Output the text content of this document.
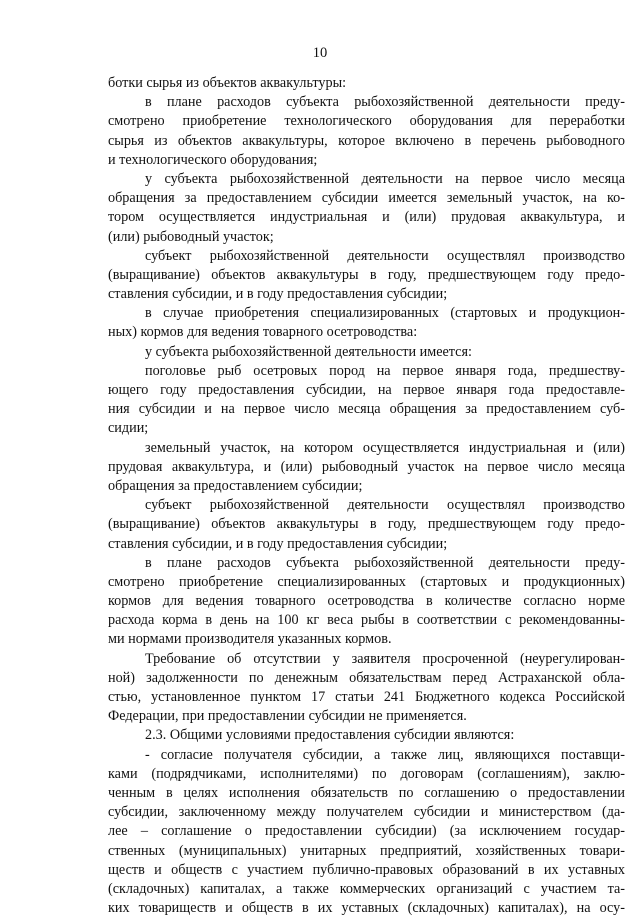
10
ботки сырья из объектов аквакультуры:
в плане расходов субъекта рыбохозяйственной деятельности преду-
смотрено приобретение технологического оборудования для переработки
сырья из объектов аквакультуры, которое включено в перечень рыбоводного
и технологического оборудования;
у субъекта рыбохозяйственной деятельности на первое число месяца
обращения за предоставлением субсидии имеется земельный участок, на ко-
тором осуществляется индустриальная и (или) прудовая аквакультура, и
(или) рыбоводный участок;
субъект рыбохозяйственной деятельности осуществлял производство
(выращивание) объектов аквакультуры в году, предшествующем году предо-
ставления субсидии, и в году предоставления субсидии;
в случае приобретения специализированных (стартовых и продукцион-
ных) кормов для ведения товарного осетроводства:
у субъекта рыбохозяйственной деятельности имеется:
поголовье рыб осетровых пород на первое января года, предшеству-
ющего году предоставления субсидии, на первое января года предоставле-
ния субсидии и на первое число месяца обращения за предоставлением суб-
сидии;
земельный участок, на котором осуществляется индустриальная и (или)
прудовая аквакультура, и (или) рыбоводный участок на первое число месяца
обращения за предоставлением субсидии;
субъект рыбохозяйственной деятельности осуществлял производство
(выращивание) объектов аквакультуры в году, предшествующем году предо-
ставления субсидии, и в году предоставления субсидии;
в плане расходов субъекта рыбохозяйственной деятельности преду-
смотрено приобретение специализированных (стартовых и продукционных)
кормов для ведения товарного осетроводства в количестве согласно норме
расхода корма в день на 100 кг веса рыбы в соответствии с рекомендованны-
ми нормами производителя указанных кормов.
Требование об отсутствии у заявителя просроченной (неурегулирован-
ной) задолженности по денежным обязательствам перед Астраханской обла-
стью, установленное пунктом 17 статьи 241 Бюджетного кодекса Российской
Федерации, при предоставлении субсидии не применяется.
2.3. Общими условиями предоставления субсидии являются:
- согласие получателя субсидии, а также лиц, являющихся поставщи-
ками (подрядчиками, исполнителями) по договорам (соглашениям), заклю-
ченным в целях исполнения обязательств по соглашению о предоставлении
субсидии, заключенному между получателем субсидии и министерством (да-
лее – соглашение о предоставлении субсидии) (за исключением государ-
ственных (муниципальных) унитарных предприятий, хозяйственных товари-
ществ и обществ с участием публично-правовых образований в их уставных
(складочных) капиталах, а также коммерческих организаций с участием та-
ких товариществ и обществ в их уставных (складочных) капиталах), на осу-
